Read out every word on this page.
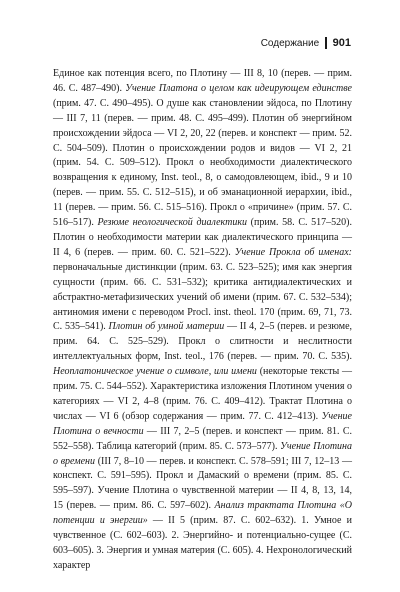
Содержание 901

Единое как потенция всего, по Плотину — III 8, 10 (перев. — прим. 46. С. 487–490). Учение Платона о целом как идеирующем единстве (прим. 47. С. 490–495). О душе как становлении эйдоса, по Плотину — III 7, 11 (перев. — прим. 48. С. 495–499). Плотин об энергийном происхождении эйдоса — VI 2, 20, 22 (перев. и конспект — прим. 52. С. 504–509). Плотин о происхождении родов и видов — VI 2, 21 (прим. 54. С. 509–512). Прокл о необходимости диалектического возвращения к единому, Inst. teol., 8, о самодовлеющем, ibid., 9 и 10 (перев. — прим. 55. С. 512–515), и об эманационной иерархии, ibid., 11 (перев. — прим. 56. С. 515–516). Прокл о «причине» (прим. 57. С. 516–517). Резюме неологической диалектики (прим. 58. С. 517–520). Плотин о необходимости материи как диалектического принципа — II 4, 6 (перев. — прим. 60. С. 521–522). Учение Прокла об именах: первоначальные дистинкции (прим. 63. С. 523–525); имя как энергия сущности (прим. 66. С. 531–532); критика антидиалектических и абстрактно-метафизических учений об имени (прим. 67. С. 532–534); антиномия имени с переводом Procl. inst. theol. 170 (прим. 69, 71, 73. С. 535–541). Плотин об умной материи — II 4, 2–5 (перев. и резюме, прим. 64. С. 525–529). Прокл о слитности и неслитности интеллектуальных форм, Inst. teol., 176 (перев. — прим. 70. С. 535). Неоплатоническое учение о символе, или имени (некоторые тексты — прим. 75. С. 544–552). Характеристика изложения Плотином учения о категориях — VI 2, 4–8 (прим. 76. С. 409–412). Трактат Плотина о числах — VI 6 (обзор содержания — прим. 77. С. 412–413). Учение Плотина о вечности — III 7, 2–5 (перев. и конспект — прим. 81. С. 552–558). Таблица категорий (прим. 85. С. 573–577). Учение Плотина о времени (III 7, 8–10 — перев. и конспект. С. 578–591; III 7, 12–13 — конспект. С. 591–595). Прокл и Дамаский о времени (прим. 85. С. 595–597). Учение Плотина о чувственной материи — II 4, 8, 13, 14, 15 (перев. — прим. 86. С. 597–602). Анализ трактата Плотина «О потенции и энергии» — II 5 (прим. 87. С. 602–632). 1. Умное и чувственное (С. 602–603). 2. Энергийно- и потенциально-сущее (С. 603–605). 3. Энергия и умная материя (С. 605). 4. Нехронологический характер
